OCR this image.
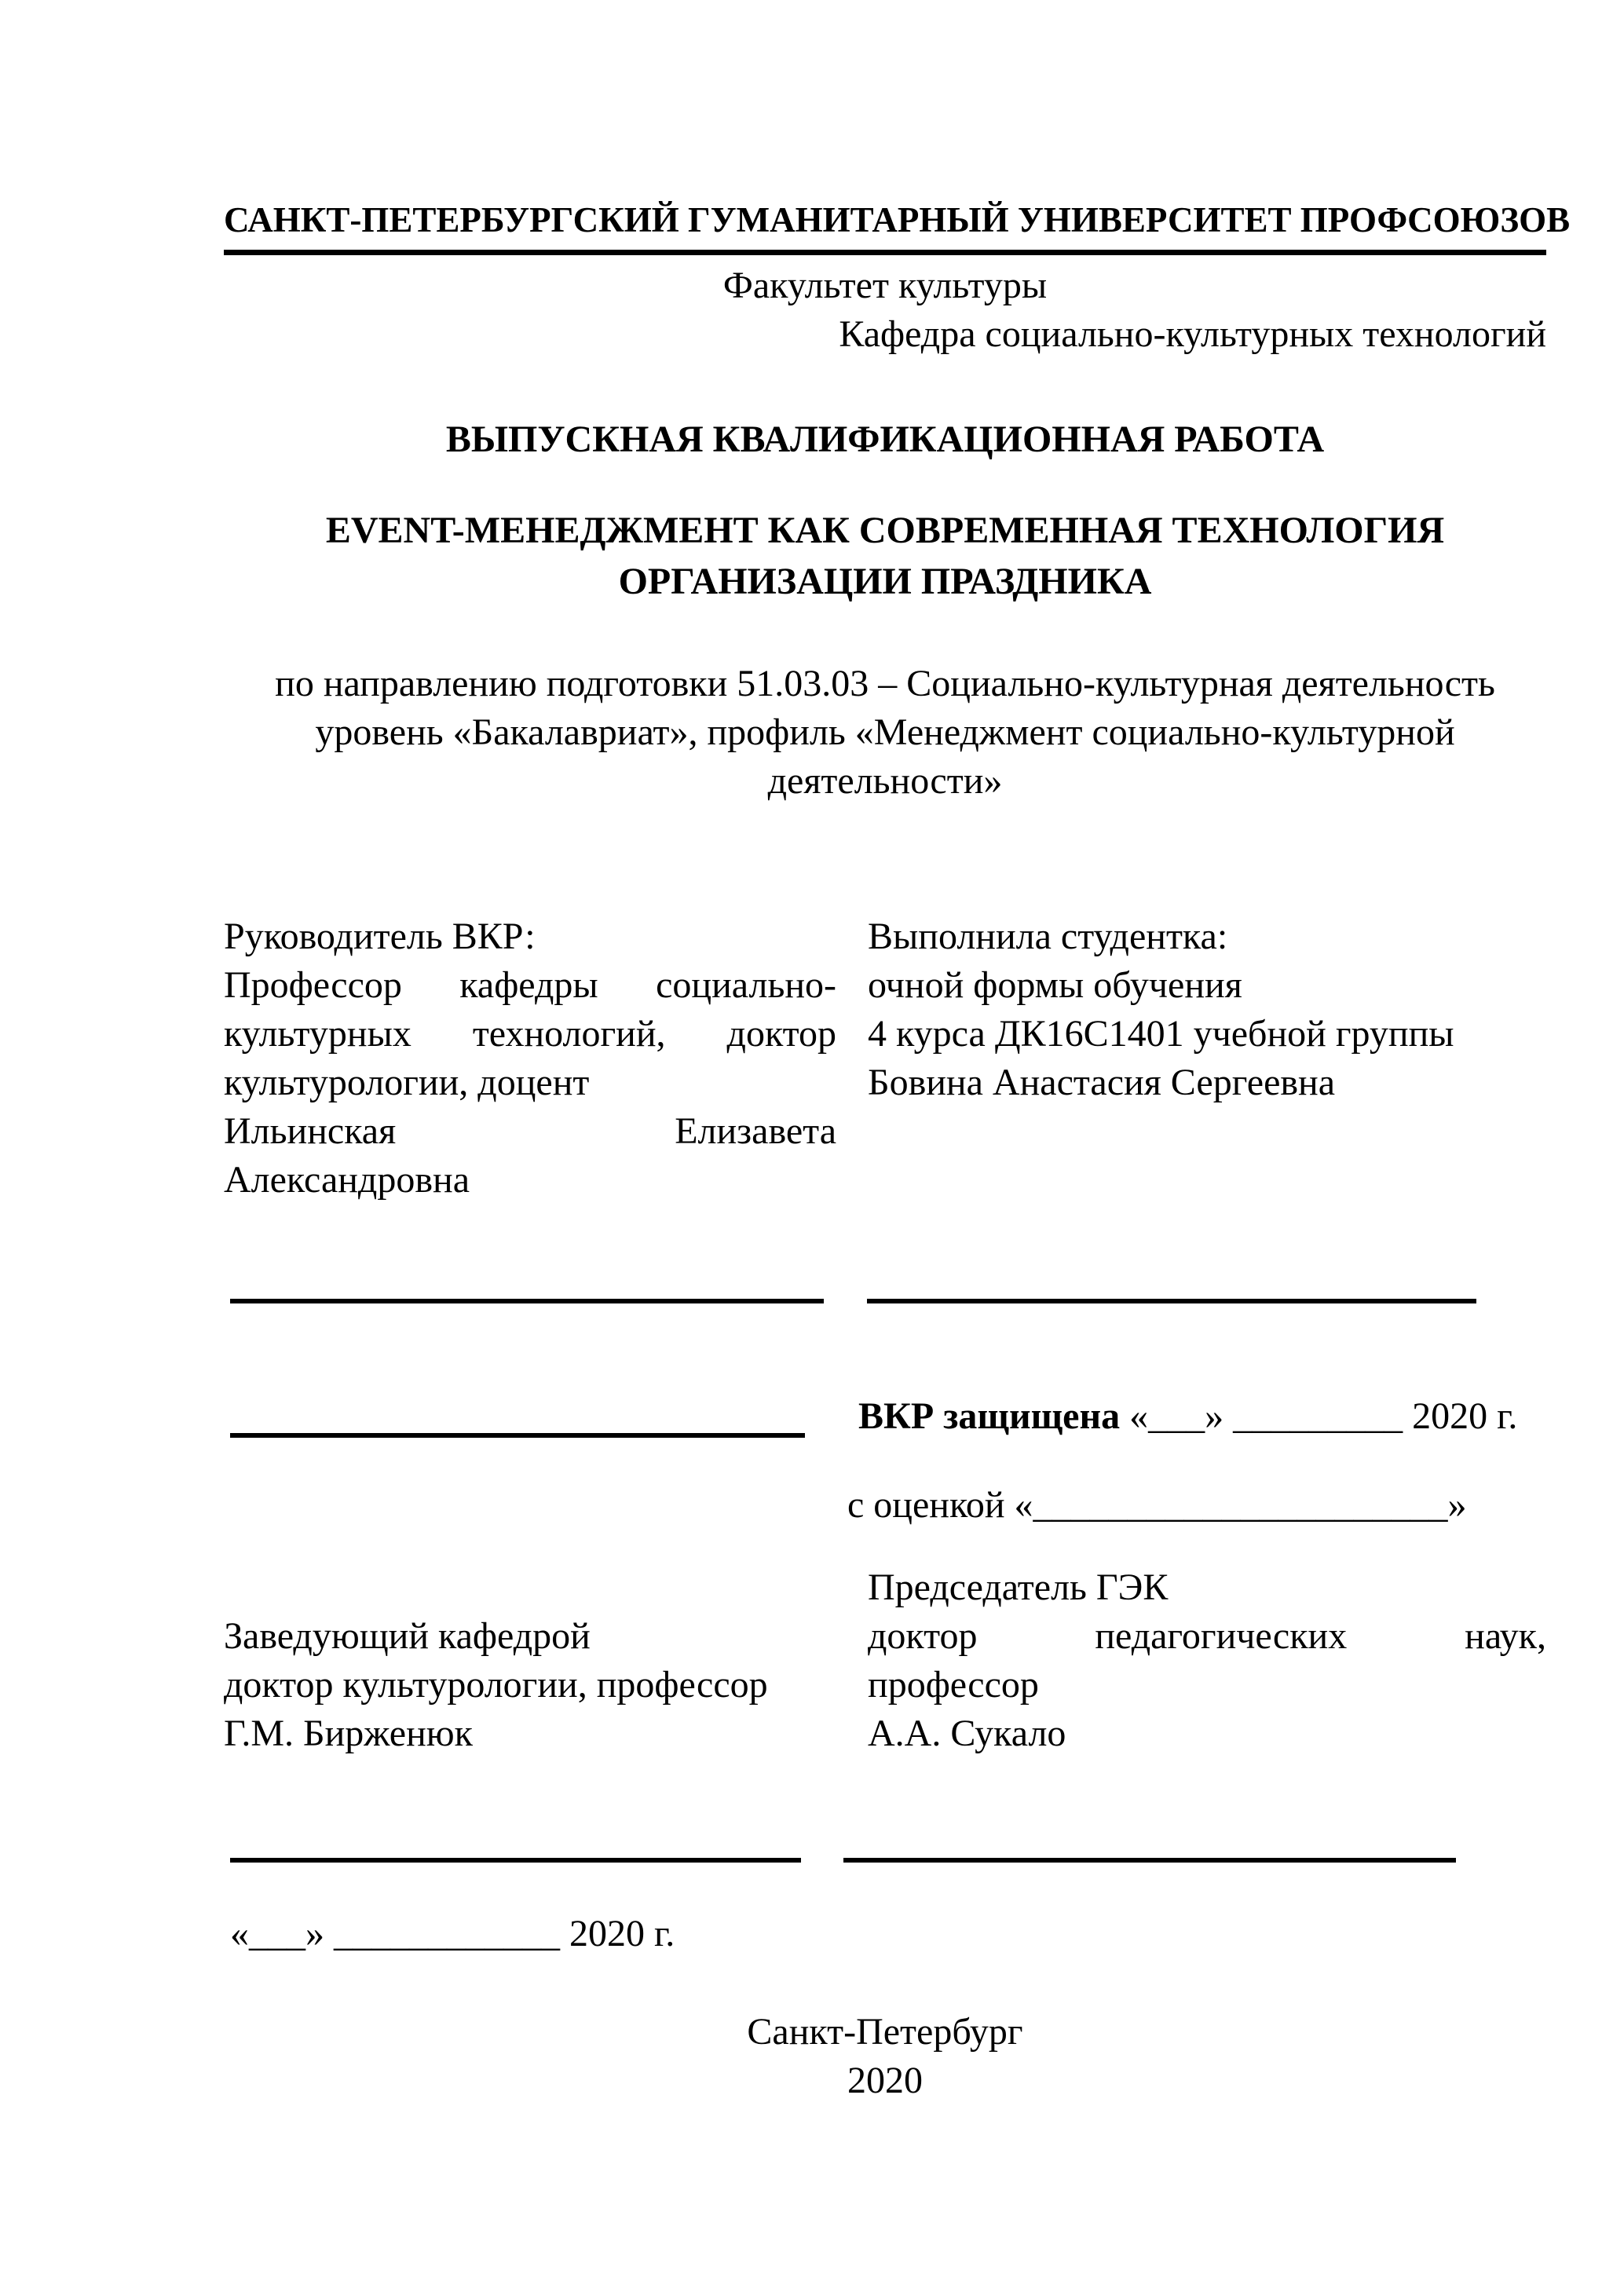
САНКТ-ПЕТЕРБУРГСКИЙ ГУМАНИТАРНЫЙ УНИВЕРСИТЕТ ПРОФСОЮЗОВ
Факультет культуры
Кафедра социально-культурных технологий
ВЫПУСКНАЯ КВАЛИФИКАЦИОННАЯ РАБОТА
EVENT-МЕНЕДЖМЕНТ КАК СОВРЕМЕННАЯ ТЕХНОЛОГИЯ
ОРГАНИЗАЦИИ ПРАЗДНИКА
по направлению подготовки 51.03.03 – Социально-культурная деятельность
уровень «Бакалавриат», профиль «Менеджмент социально-культурной
деятельности»
Руководитель ВКР:
Профессор кафедры социально-
культурных технологий, доктор
культурологии, доцент
Ильинская Елизавета
Александровна
Выполнила студентка:
очной формы обучения
4 курса ДК16С1401 учебной группы
Бовина Анастасия Сергеевна
ВКР защищена «___» _________ 2020 г.
с оценкой «______________________»
Заведующий кафедрой
доктор культурологии, профессор
Г.М. Бирженюк
Председатель ГЭК
доктор педагогических наук,
профессор
А.А. Сукало
«___» ____________ 2020 г.
Санкт-Петербург
2020
